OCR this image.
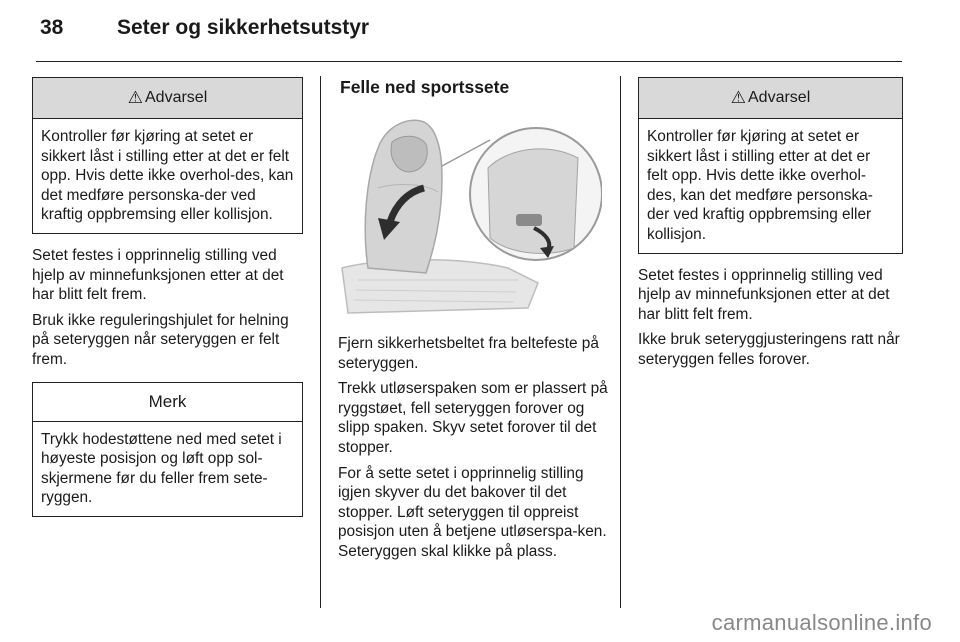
38	Seter og sikkerhetsutstyr
⚠ Advarsel
Kontroller før kjøring at setet er sikkert låst i stilling etter at det er felt opp. Hvis dette ikke overhol-des, kan det medføre personska-der ved kraftig oppbremsing eller kollisjon.

Setet festes i opprinnelig stilling ved hjelp av minnefunksjonen etter at det har blitt felt frem.

Bruk ikke reguleringshjulet for helning på seteryggen når seteryggen er felt frem.

Merk
Trykk hodestøttene ned med setet i høyeste posisjon og løft opp sol-skjermene før du feller frem sete-ryggen.
Felle ned sportssete

Fjern sikkerhetsbeltet fra beltefeste på seteryggen.

Trekk utløserspaken som er plassert på ryggstøet, fell seteryggen forover og slipp spaken. Skyv setet forover til det stopper.

For å sette setet i opprinnelig stilling igjen skyver du det bakover til det stopper. Løft seteryggen til oppreist posisjon uten å betjene utløserspa-ken. Seteryggen skal klikke på plass.

⚠ Advarsel
Kontroller før kjøring at setet er sikkert låst i stilling etter at det er felt opp. Hvis dette ikke overhol-des, kan det medføre personska-der ved kraftig oppbremsing eller kollisjon.

Setet festes i opprinnelig stilling ved hjelp av minnefunksjonen etter at det har blitt felt frem.

Ikke bruk seteryggjusteringens ratt når seteryggen felles forover.

carmanualsonline.info
